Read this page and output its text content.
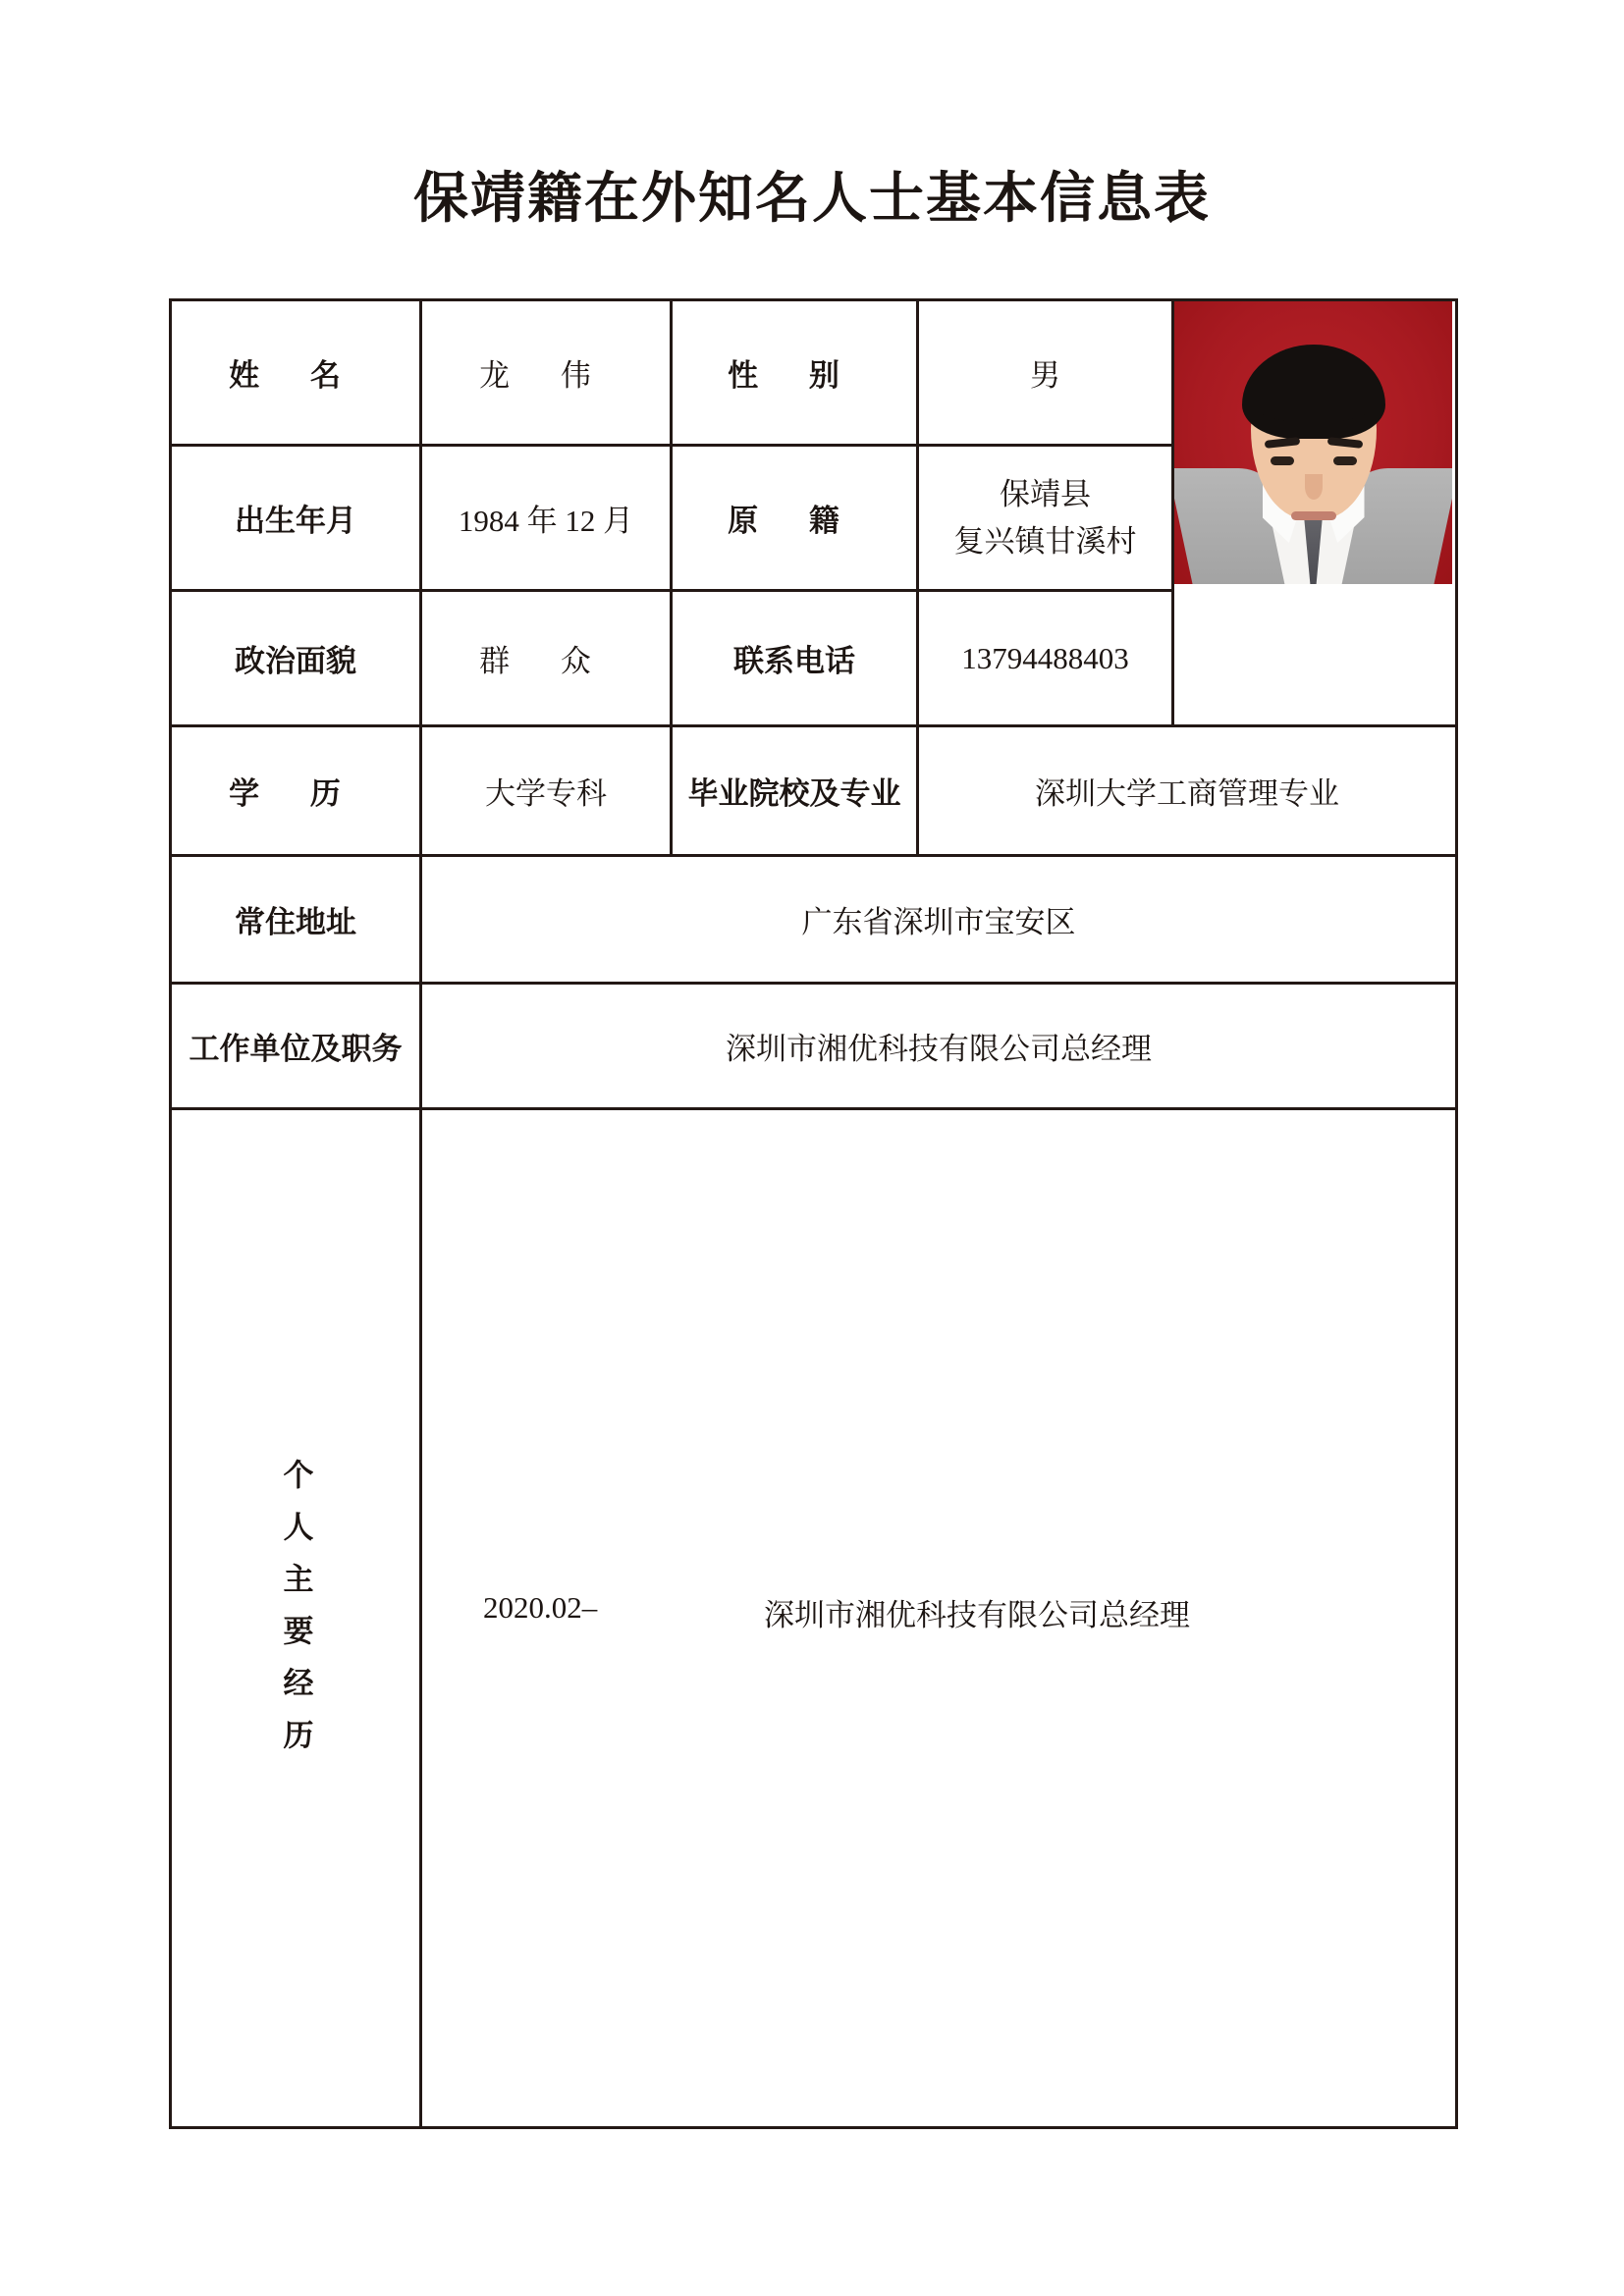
保靖籍在外知名人士基本信息表
姓 名	龙 伟	性 别	男	

出生年月	1984 年 12 月	原 籍	保靖县
复兴镇甘溪村	

政治面貌	群 众	联系电话	13794488403	
学 历	大学专科	毕业院校及专业	深圳大学工商管理专业	
常住地址	广东省深圳市宝安区			
工作单位及职务	深圳市湘优科技有限公司总经理			
个人主要经历	2020.02– 深圳市湘优科技有限公司总经理			
